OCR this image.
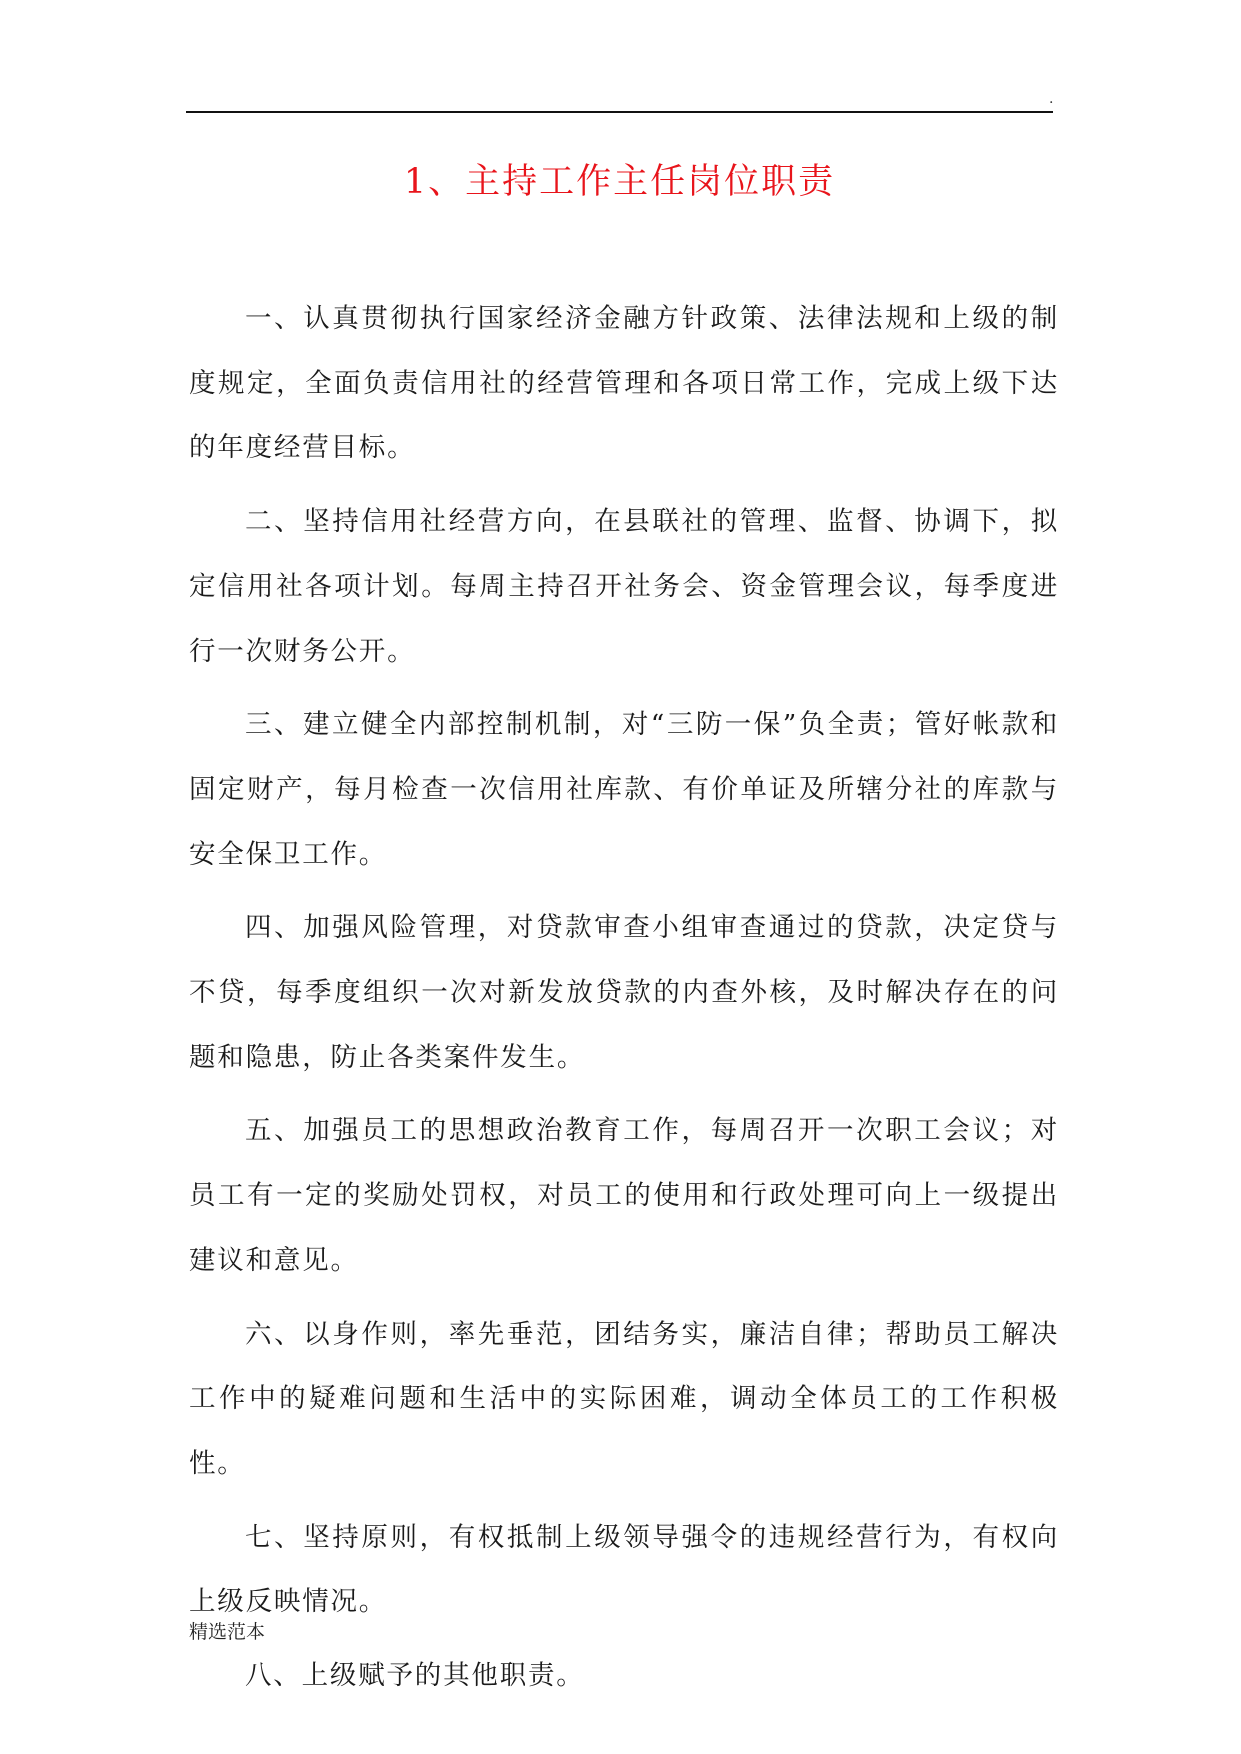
.
1、主持工作主任岗位职责

一、认真贯彻执行国家经济金融方针政策、法律法规和上级的制度规定，全面负责信用社的经营管理和各项日常工作，完成上级下达的年度经营目标。

二、坚持信用社经营方向，在县联社的管理、监督、协调下，拟定信用社各项计划。每周主持召开社务会、资金管理会议，每季度进行一次财务公开。

三、建立健全内部控制机制，对“三防一保”负全责；管好帐款和固定财产，每月检查一次信用社库款、有价单证及所辖分社的库款与安全保卫工作。

四、加强风险管理，对贷款审查小组审查通过的贷款，决定贷与不贷，每季度组织一次对新发放贷款的内查外核，及时解决存在的问题和隐患，防止各类案件发生。

五、加强员工的思想政治教育工作，每周召开一次职工会议；对员工有一定的奖励处罚权，对员工的使用和行政处理可向上一级提出建议和意见。

六、以身作则，率先垂范，团结务实，廉洁自律；帮助员工解决工作中的疑难问题和生活中的实际困难，调动全体员工的工作积极性。

七、坚持原则，有权抵制上级领导强令的违规经营行为，有权向上级反映情况。

八、上级赋予的其他职责。

精选范本
